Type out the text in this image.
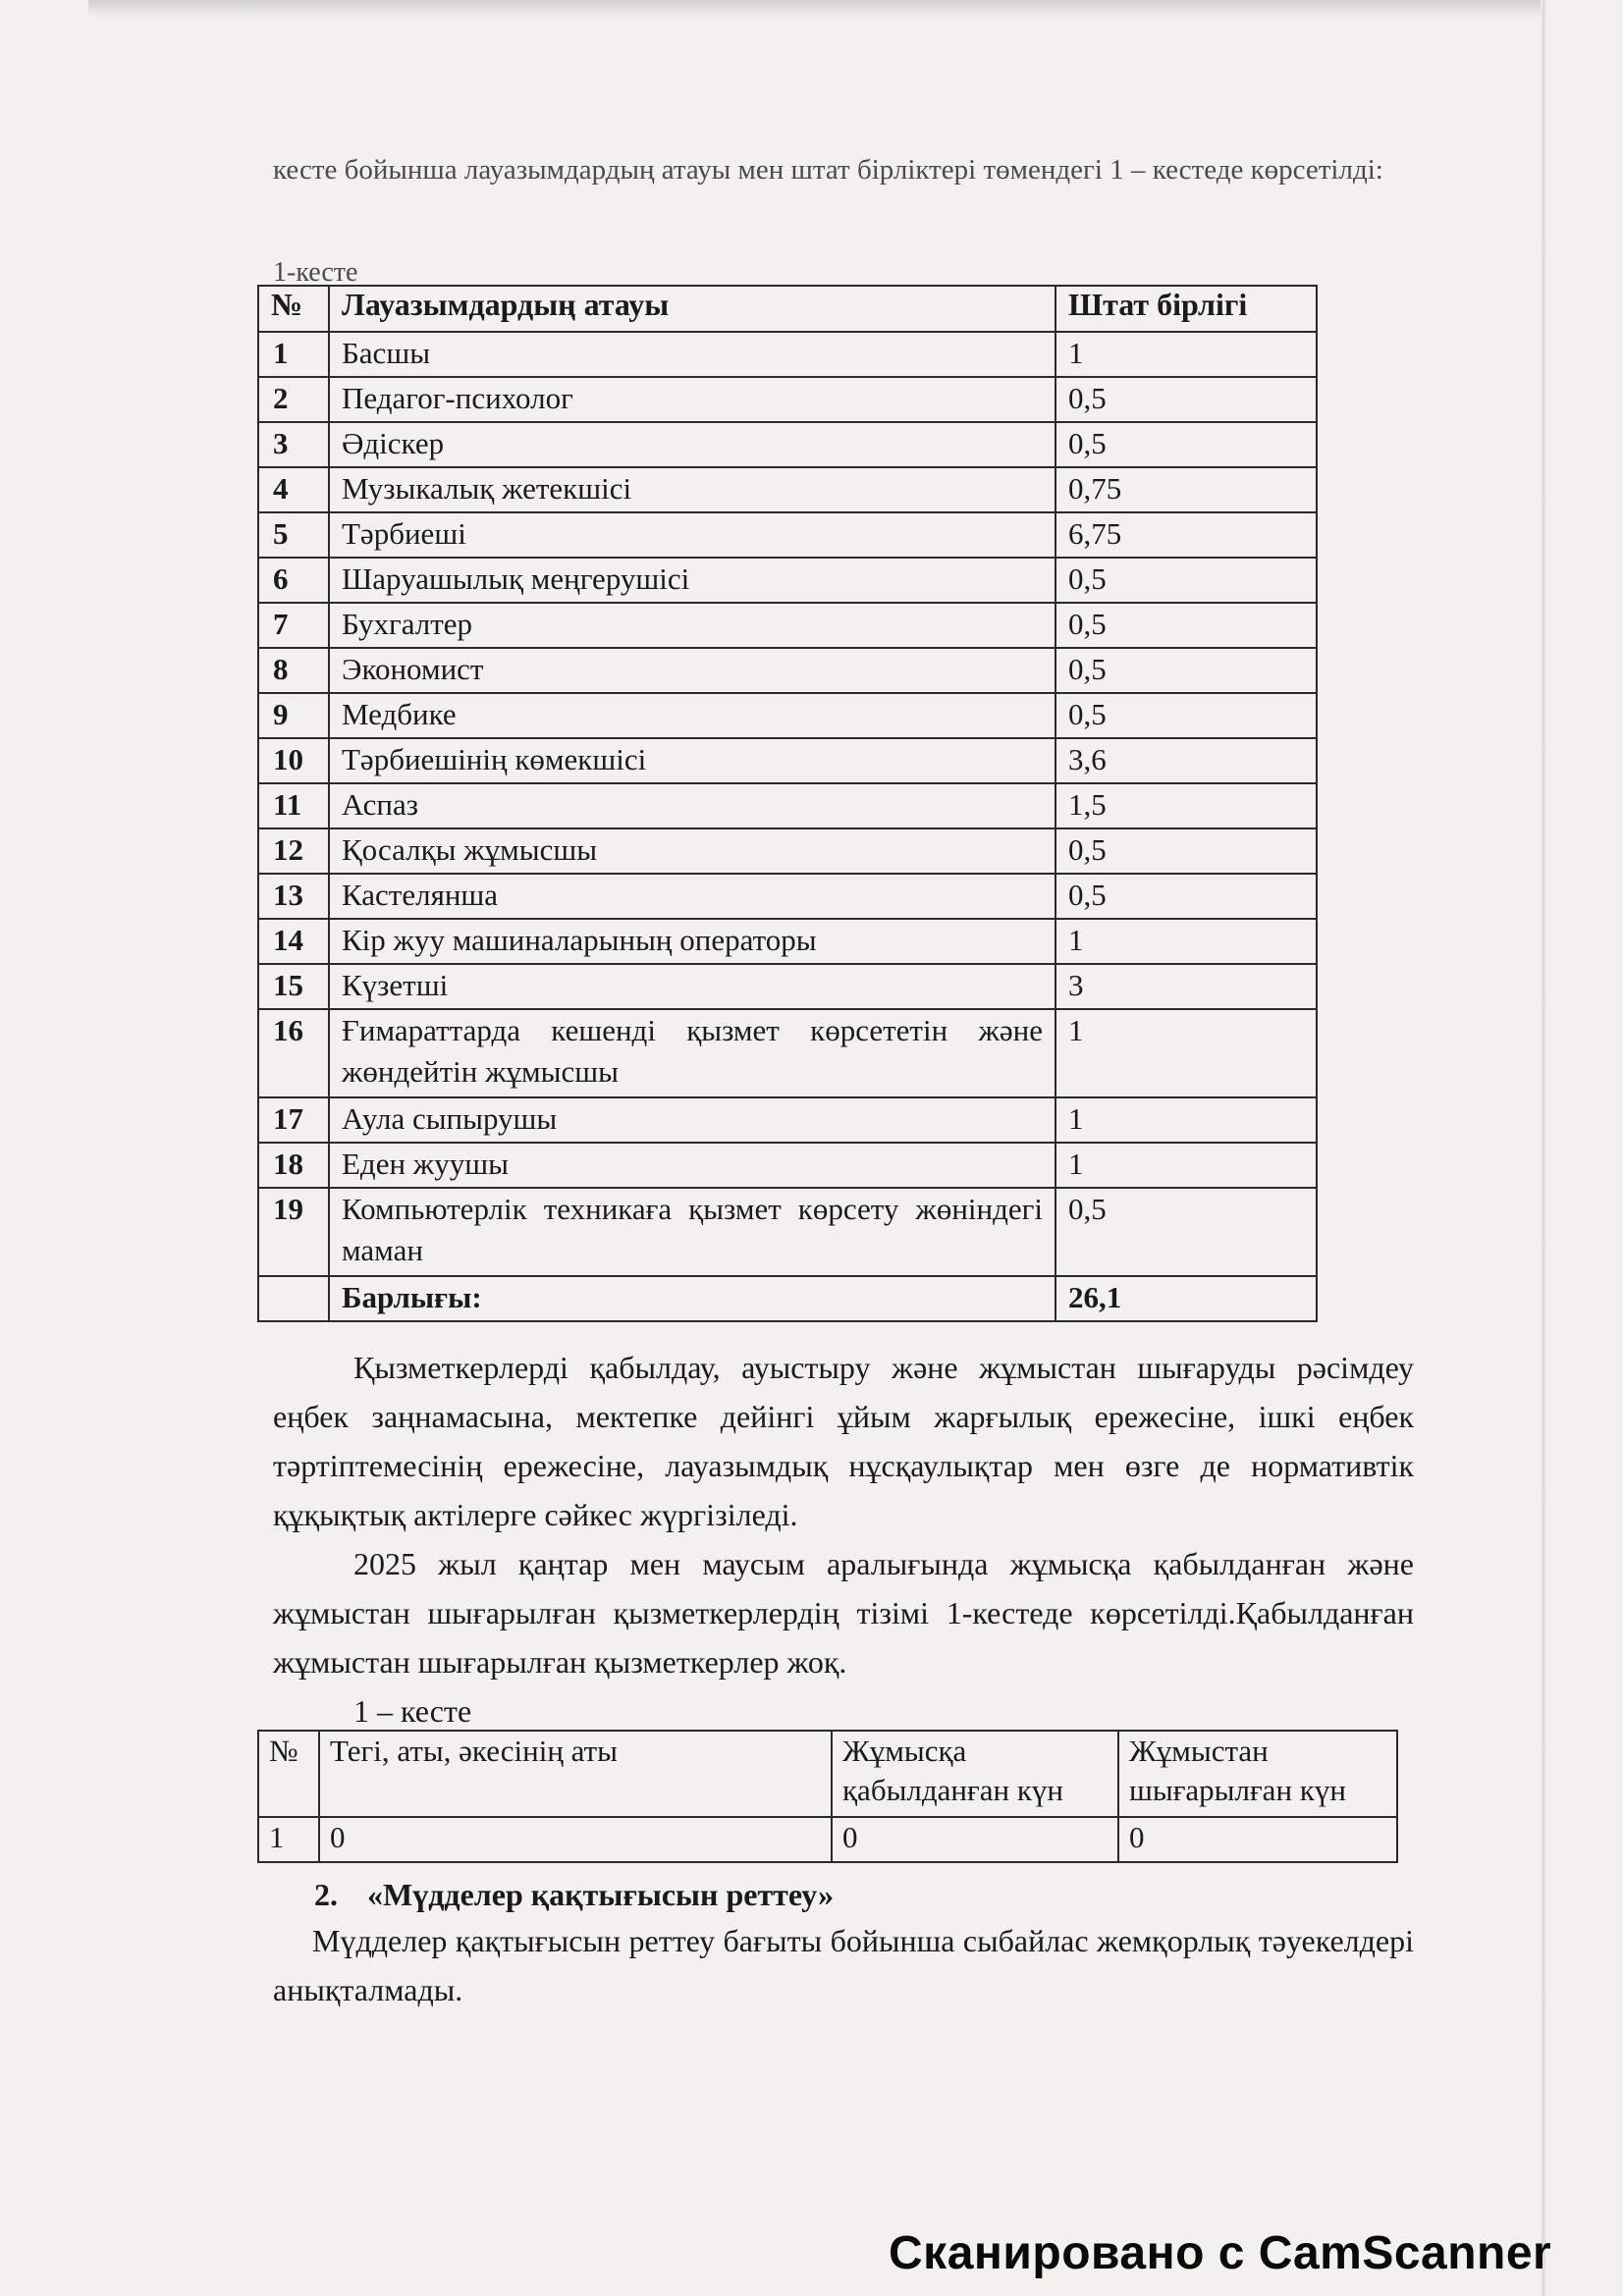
кесте бойынша лауазымдардың атауы мен штат бірліктері төмендегі 1 – кестеде көрсетілді:
1-кесте
№	Лауазымдардың атауы	Штат бірлігі
1	Басшы	1
2	Педагог-психолог	0,5
3	Әдіскер	0,5
4	Музыкалық жетекшісі	0,75
5	Тәрбиеші	6,75
6	Шаруашылық меңгерушісі	0,5
7	Бухгалтер	0,5
8	Экономист	0,5
9	Медбике	0,5
10	Тәрбиешінің көмекшісі	3,6
11	Аспаз	1,5
12	Қосалқы жұмысшы	0,5
13	Кастелянша	0,5
14	Кір жуу машиналарының операторы	1
15	Күзетші	3
16	Ғимараттарда кешенді қызмет көрсететін және жөндейтін жұмысшы	1
17	Аула сыпырушы	1
18	Еден жуушы	1
19	Компьютерлік техникаға қызмет көрсету жөніндегі маман	0,5
	Барлығы:	26,1
Қызметкерлерді қабылдау, ауыстыру және жұмыстан шығаруды рәсімдеу еңбек заңнамасына, мектепке дейінгі ұйым жарғылық ережесіне, ішкі еңбек тәртіптемесінің ережесіне, лауазымдық нұсқаулықтар мен өзге де нормативтік құқықтық актілерге сәйкес жүргізіледі.
2025 жыл қаңтар мен маусым аралығында жұмысқа қабылданған және жұмыстан шығарылған қызметкерлердің тізімі 1-кестеде көрсетілді.Қабылданған жұмыстан шығарылған қызметкерлер жоқ.
1 – кесте
№	Тегі, аты, әкесінің аты	Жұмысқа қабылданған күн	Жұмыстан шығарылған күн
1	0	0	0
2. «Мүдделер қақтығысын реттеу»
Мүдделер қақтығысын реттеу бағыты бойынша сыбайлас жемқорлық тәуекелдері анықталмады.
Сканировано с CamScanner
